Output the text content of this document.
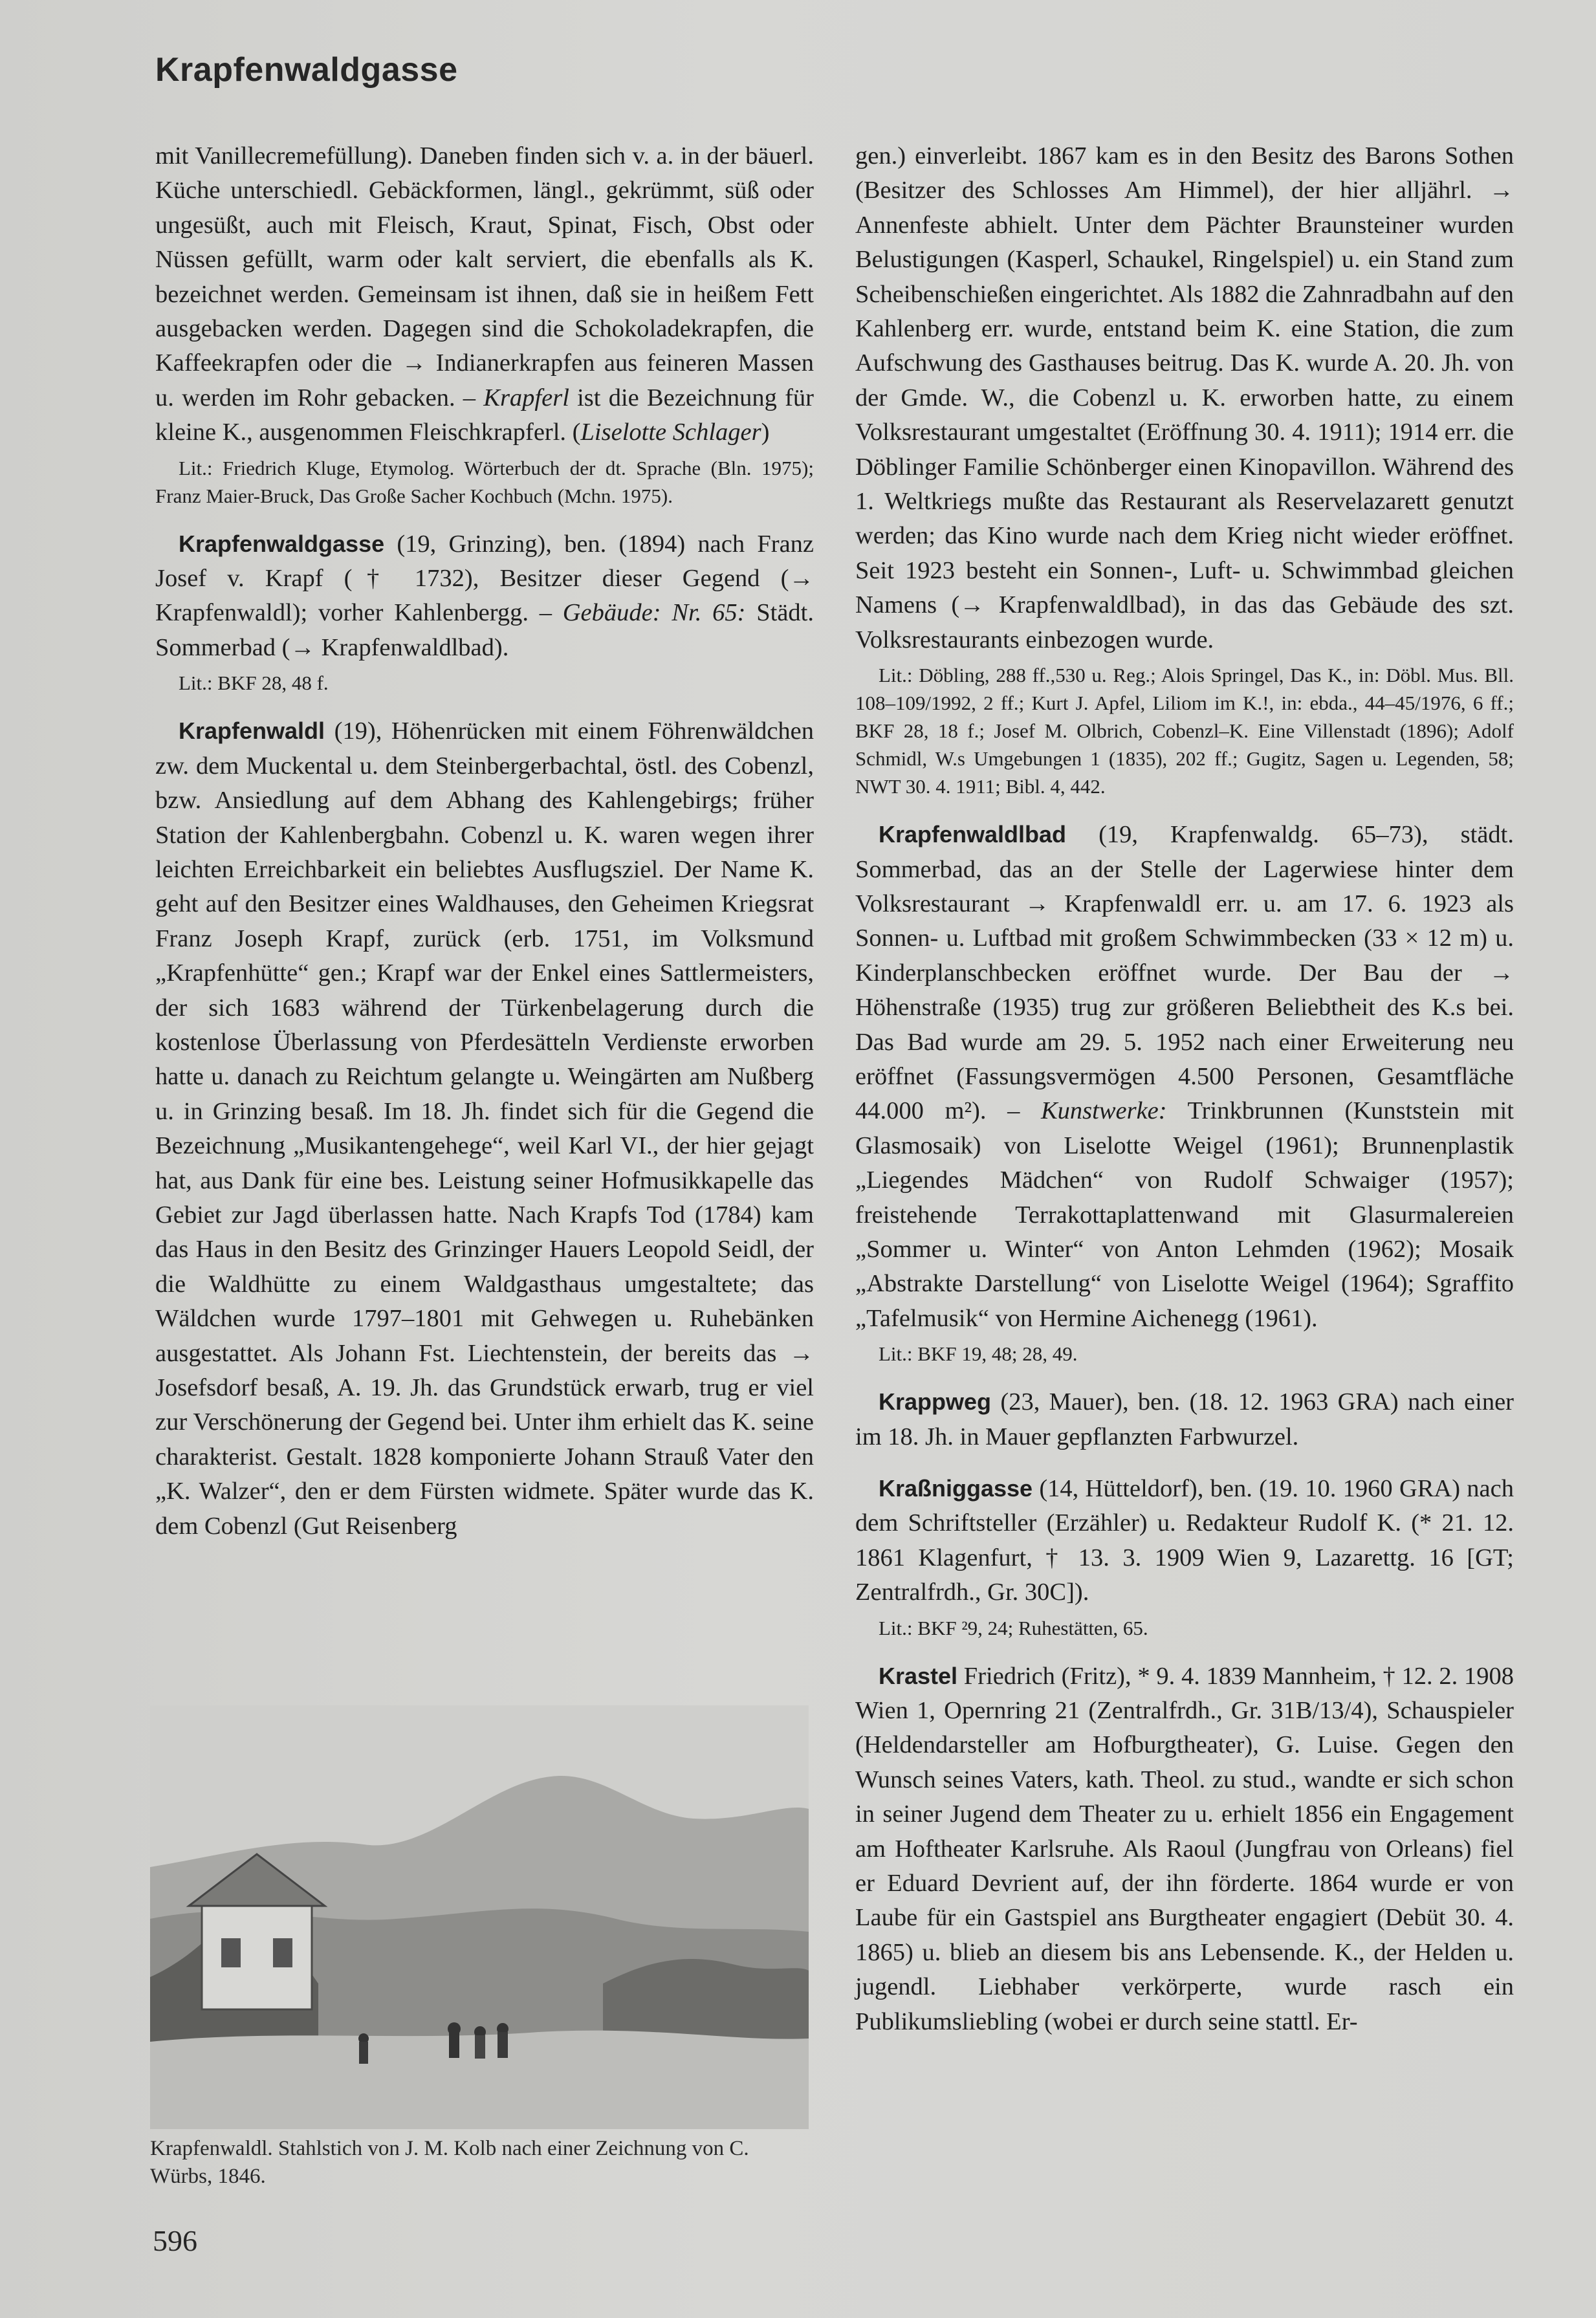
Krapfenwaldgasse

mit Vanillecremefüllung). Daneben finden sich v. a. in der bäuerl. Küche unterschiedl. Gebäckformen, längl., gekrümmt, süß oder ungesüßt, auch mit Fleisch, Kraut, Spinat, Fisch, Obst oder Nüssen gefüllt, warm oder kalt serviert, die ebenfalls als K. bezeichnet werden. Gemeinsam ist ihnen, daß sie in heißem Fett ausgebacken werden. Dagegen sind die Schokoladekrapfen, die Kaffeekrapfen oder die → Indianerkrapfen aus feineren Massen u. werden im Rohr gebacken. – Krapferl ist die Bezeichnung für kleine K., ausgenommen Fleischkrapferl. (Liselotte Schlager)

Lit.: Friedrich Kluge, Etymolog. Wörterbuch der dt. Sprache (Bln. 1975); Franz Maier-Bruck, Das Große Sacher Kochbuch (Mchn. 1975).

Krapfenwaldgasse (19, Grinzing), ben. (1894) nach Franz Josef v. Krapf († 1732), Besitzer dieser Gegend (→ Krapfenwaldl); vorher Kahlenbergg. – Gebäude: Nr. 65: Städt. Sommerbad (→ Krapfenwaldlbad).

Lit.: BKF 28, 48 f.

Krapfenwaldl (19), Höhenrücken mit einem Föhrenwäldchen zw. dem Muckental u. dem Steinbergerbachtal, östl. des Cobenzl, bzw. Ansiedlung auf dem Abhang des Kahlengebirgs; früher Station der Kahlenbergbahn. Cobenzl u. K. waren wegen ihrer leichten Erreichbarkeit ein beliebtes Ausflugsziel. Der Name K. geht auf den Besitzer eines Waldhauses, den Geheimen Kriegsrat Franz Joseph Krapf, zurück (erb. 1751, im Volksmund „Krapfenhütte“ gen.; Krapf war der Enkel eines Sattlermeisters, der sich 1683 während der Türkenbelagerung durch die kostenlose Überlassung von Pferdesätteln Verdienste erworben hatte u. danach zu Reichtum gelangte u. Weingärten am Nußberg u. in Grinzing besaß. Im 18. Jh. findet sich für die Gegend die Bezeichnung „Musikantengehege“, weil Karl VI., der hier gejagt hat, aus Dank für eine bes. Leistung seiner Hofmusikkapelle das Gebiet zur Jagd überlassen hatte. Nach Krapfs Tod (1784) kam das Haus in den Besitz des Grinzinger Hauers Leopold Seidl, der die Waldhütte zu einem Waldgasthaus umgestaltete; das Wäldchen wurde 1797–1801 mit Gehwegen u. Ruhebänken ausgestattet. Als Johann Fst. Liechtenstein, der bereits das → Josefsdorf besaß, A. 19. Jh. das Grundstück erwarb, trug er viel zur Verschönerung der Gegend bei. Unter ihm erhielt das K. seine charakterist. Gestalt. 1828 komponierte Johann Strauß Vater den „K. Walzer“, den er dem Fürsten widmete. Später wurde das K. dem Cobenzl (Gut Reisenberg

Krapfenwaldl. Stahlstich von J. M. Kolb nach einer Zeichnung von C. Würbs, 1846.
596

gen.) einverleibt. 1867 kam es in den Besitz des Barons Sothen (Besitzer des Schlosses Am Himmel), der hier alljährl. → Annenfeste abhielt. Unter dem Pächter Braunsteiner wurden Belustigungen (Kasperl, Schaukel, Ringelspiel) u. ein Stand zum Scheibenschießen eingerichtet. Als 1882 die Zahnradbahn auf den Kahlenberg err. wurde, entstand beim K. eine Station, die zum Aufschwung des Gasthauses beitrug. Das K. wurde A. 20. Jh. von der Gmde. W., die Cobenzl u. K. erworben hatte, zu einem Volksrestaurant umgestaltet (Eröffnung 30. 4. 1911); 1914 err. die Döblinger Familie Schönberger einen Kinopavillon. Während des 1. Weltkriegs mußte das Restaurant als Reservelazarett genutzt werden; das Kino wurde nach dem Krieg nicht wieder eröffnet. Seit 1923 besteht ein Sonnen-, Luft- u. Schwimmbad gleichen Namens (→ Krapfenwaldlbad), in das das Gebäude des szt. Volksrestaurants einbezogen wurde.

Lit.: Döbling, 288 ff.,530 u. Reg.; Alois Springel, Das K., in: Döbl. Mus. Bll. 108–109/1992, 2 ff.; Kurt J. Apfel, Liliom im K.!, in: ebda., 44–45/1976, 6 ff.; BKF 28, 18 f.; Josef M. Olbrich, Cobenzl–K. Eine Villenstadt (1896); Adolf Schmidl, W.s Umgebungen 1 (1835), 202 ff.; Gugitz, Sagen u. Legenden, 58; NWT 30. 4. 1911; Bibl. 4, 442.

Krapfenwaldlbad (19, Krapfenwaldg. 65–73), städt. Sommerbad, das an der Stelle der Lagerwiese hinter dem Volksrestaurant → Krapfenwaldl err. u. am 17. 6. 1923 als Sonnen- u. Luftbad mit großem Schwimmbecken (33 × 12 m) u. Kinderplanschbecken eröffnet wurde. Der Bau der → Höhenstraße (1935) trug zur größeren Beliebtheit des K.s bei. Das Bad wurde am 29. 5. 1952 nach einer Erweiterung neu eröffnet (Fassungsvermögen 4.500 Personen, Gesamtfläche 44.000 m²). – Kunstwerke: Trinkbrunnen (Kunststein mit Glasmosaik) von Liselotte Weigel (1961); Brunnenplastik „Liegendes Mädchen“ von Rudolf Schwaiger (1957); freistehende Terrakottaplattenwand mit Glasurmalereien „Sommer u. Winter“ von Anton Lehmden (1962); Mosaik „Abstrakte Darstellung“ von Liselotte Weigel (1964); Sgraffito „Tafelmusik“ von Hermine Aichenegg (1961).

Lit.: BKF 19, 48; 28, 49.

Krappweg (23, Mauer), ben. (18. 12. 1963 GRA) nach einer im 18. Jh. in Mauer gepflanzten Farbwurzel.

Kraßniggasse (14, Hütteldorf), ben. (19. 10. 1960 GRA) nach dem Schriftsteller (Erzähler) u. Redakteur Rudolf K. (* 21. 12. 1861 Klagenfurt, † 13. 3. 1909 Wien 9, Lazarettg. 16 [GT; Zentralfrdh., Gr. 30C]).

Lit.: BKF ²9, 24; Ruhestätten, 65.

Krastel Friedrich (Fritz), * 9. 4. 1839 Mannheim, † 12. 2. 1908 Wien 1, Opernring 21 (Zentralfrdh., Gr. 31B/13/4), Schauspieler (Heldendarsteller am Hofburgtheater), G. Luise. Gegen den Wunsch seines Vaters, kath. Theol. zu stud., wandte er sich schon in seiner Jugend dem Theater zu u. erhielt 1856 ein Engagement am Hoftheater Karlsruhe. Als Raoul (Jungfrau von Orleans) fiel er Eduard Devrient auf, der ihn förderte. 1864 wurde er von Laube für ein Gastspiel ans Burgtheater engagiert (Debüt 30. 4. 1865) u. blieb an diesem bis ans Lebensende. K., der Helden u. jugendl. Liebhaber verkörperte, wurde rasch ein Publikumsliebling (wobei er durch seine stattl. Er-
